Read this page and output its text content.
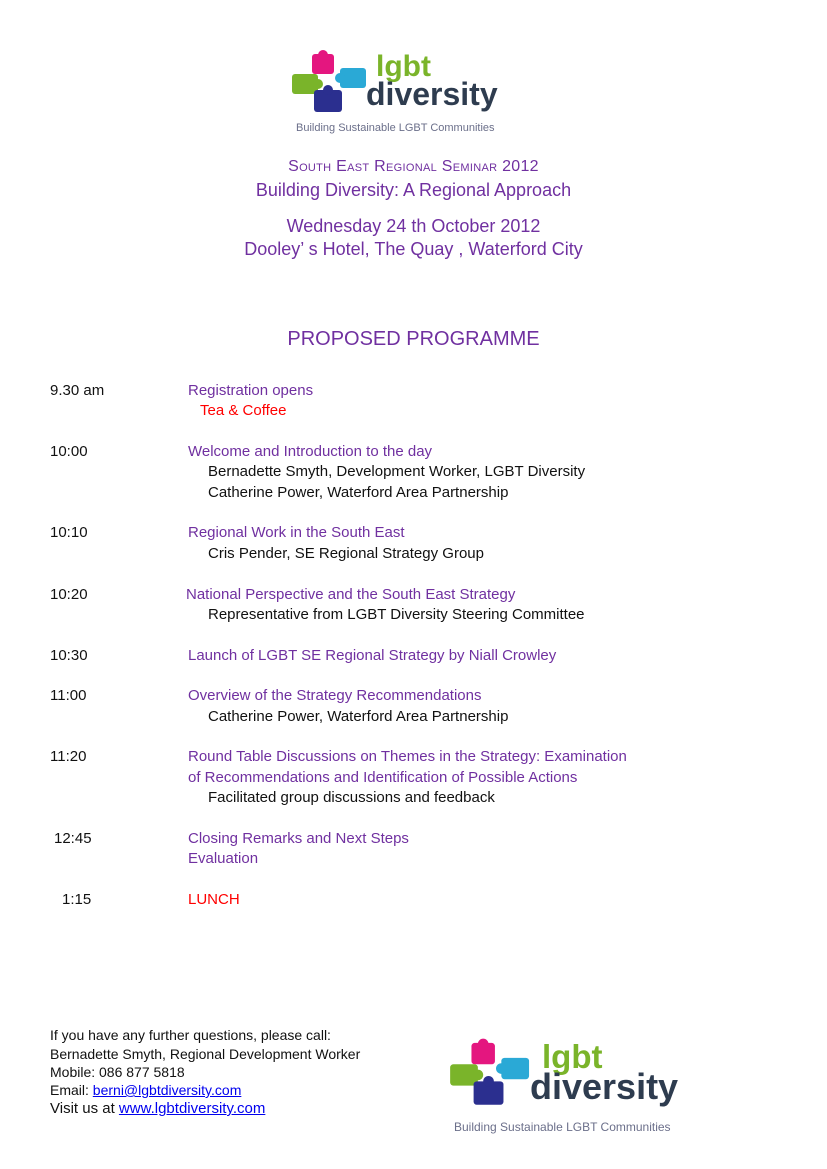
lgbt
diversity
Building Sustainable LGBT Communities
South East Regional Seminar 2012
Building Diversity: A Regional Approach
Wednesday 24 th October 2012
Dooley’ s Hotel, The Quay , Waterford City
PROPOSED PROGRAMME
9.30 am	Registration opens
Tea & Coffee
10:00	Welcome and Introduction to the day
Bernadette Smyth, Development Worker, LGBT Diversity
Catherine Power, Waterford Area Partnership
10:10	Regional Work in the South East
Cris Pender, SE Regional Strategy Group
10:20	National Perspective and the South East Strategy
Representative from LGBT Diversity Steering Committee
10:30	Launch of LGBT SE Regional Strategy by Niall Crowley
11:00	Overview of the Strategy Recommendations
Catherine Power, Waterford Area Partnership
11:20	Round Table Discussions on Themes in the Strategy: Examination
of Recommendations and Identification of Possible Actions
Facilitated group discussions and feedback
12:45	Closing Remarks and Next Steps
Evaluation
1:15	LUNCH
If you have any further questions, please call:
Bernadette Smyth, Regional Development Worker
Mobile: 086 877 5818
Email: berni@lgbtdiversity.com
Visit us at www.lgbtdiversity.com
lgbt
diversity
Building Sustainable LGBT Communities
